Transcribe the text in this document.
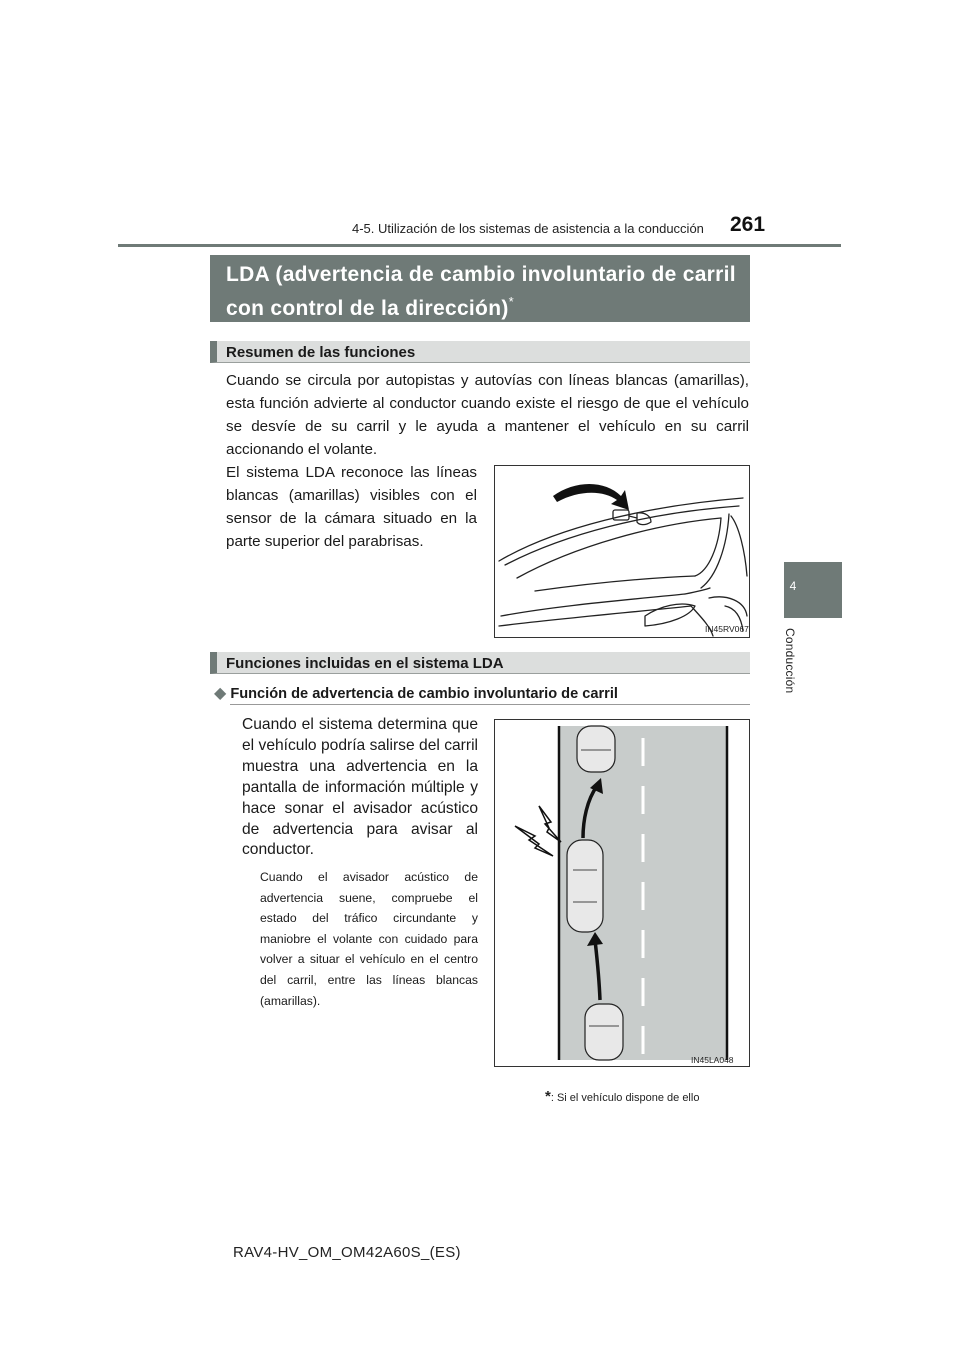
4-5. Utilización de los sistemas de asistencia a la conducción 261
4
Conducción
LDA (advertencia de cambio involuntario de carril con control de la dirección)*
Resumen de las funciones
Cuando se circula por autopistas y autovías con líneas blancas (amarillas), esta función advierte al conductor cuando existe el riesgo de que el vehículo se desvíe de su carril y le ayuda a mantener el vehículo en su carril accionando el volante.
El sistema LDA reconoce las líneas blancas (amarillas) visibles con el sensor de la cámara situado en la parte superior del parabrisas.
IN45RV067
Funciones incluidas en el sistema LDA
◆ Función de advertencia de cambio involuntario de carril
Cuando el sistema determina que el vehículo podría salirse del carril muestra una advertencia en la pantalla de información múltiple y hace sonar el avisador acústico de advertencia para avisar al conductor.
Cuando el avisador acústico de advertencia suene, compruebe el estado del tráfico circundante y maniobre el volante con cuidado para volver a situar el vehículo en el centro del carril, entre las líneas blancas (amarillas).
IN45LA048
*: Si el vehículo dispone de ello
RAV4-HV_OM_OM42A60S_(ES)
